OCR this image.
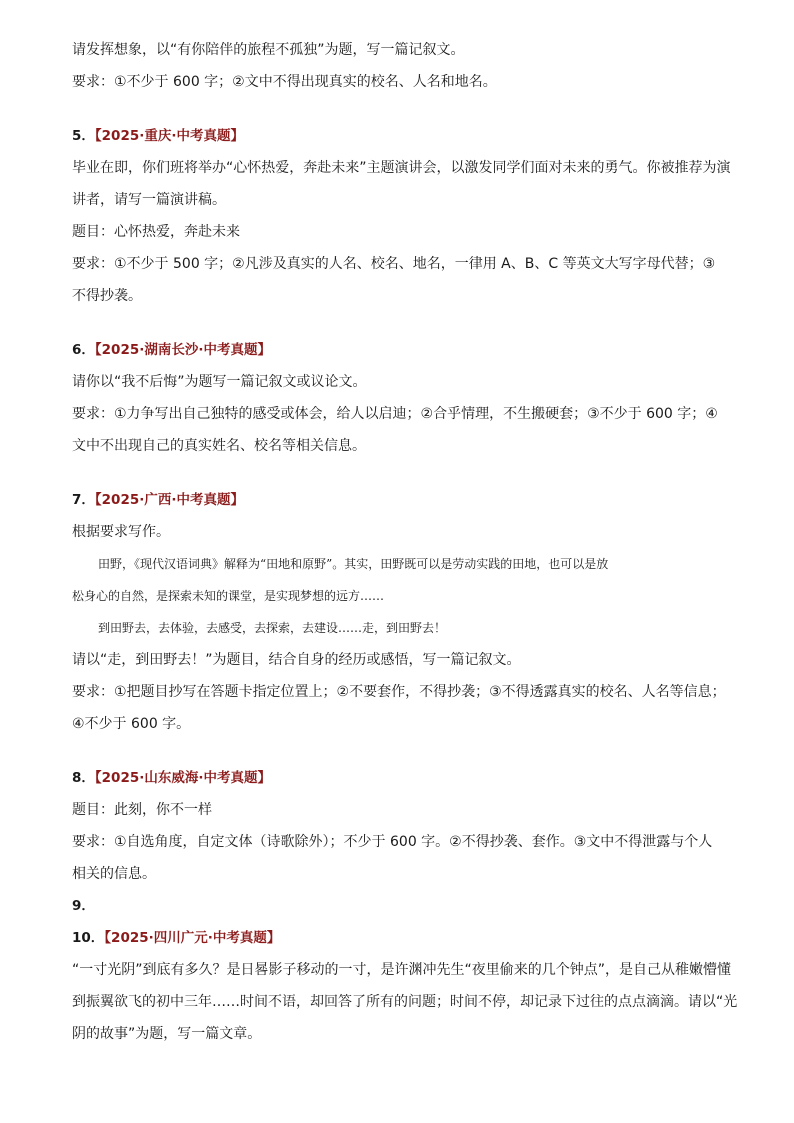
请发挥想象，以“有你陪伴的旅程不孤独”为题，写一篇记叙文。
要求：①不少于 600 字；②文中不得出现真实的校名、人名和地名。
5．【2025·重庆·中考真题】
毕业在即，你们班将举办“心怀热爱，奔赴未来”主题演讲会，以激发同学们面对未来的勇气。你被推荐为演
讲者，请写一篇演讲稿。
题目：心怀热爱，奔赴未来
要求：①不少于 500 字；②凡涉及真实的人名、校名、地名，一律用 A、B、C 等英文大写字母代替；③
不得抄袭。
6．【2025·湖南长沙·中考真题】
请你以“我不后悔”为题写一篇记叙文或议论文。
要求：①力争写出自己独特的感受或体会，给人以启迪；②合乎情理，不生搬硬套；③不少于 600 字；④
文中不出现自己的真实姓名、校名等相关信息。
7．【2025·广西·中考真题】
根据要求写作。
田野，《现代汉语词典》解释为“田地和原野”。其实，田野既可以是劳动实践的田地，也可以是放
松身心的自然，是探索未知的课堂，是实现梦想的远方……
到田野去，去体验，去感受，去探索，去建设……走，到田野去！
请以“走，到田野去！”为题目，结合自身的经历或感悟，写一篇记叙文。
要求：①把题目抄写在答题卡指定位置上；②不要套作，不得抄袭；③不得透露真实的校名、人名等信息；
④不少于 600 字。
8．【2025·山东威海·中考真题】
题目：此刻，你不一样
要求：①自选角度，自定文体（诗歌除外）；不少于 600 字。②不得抄袭、套作。③文中不得泄露与个人
相关的信息。
9．
10．【2025·四川广元·中考真题】
“一寸光阴”到底有多久？是日晷影子移动的一寸，是许渊冲先生“夜里偷来的几个钟点”，是自己从稚嫩懵懂
到振翼欲飞的初中三年……时间不语，却回答了所有的问题；时间不停，却记录下过往的点点滴滴。请以“光
阴的故事”为题，写一篇文章。
